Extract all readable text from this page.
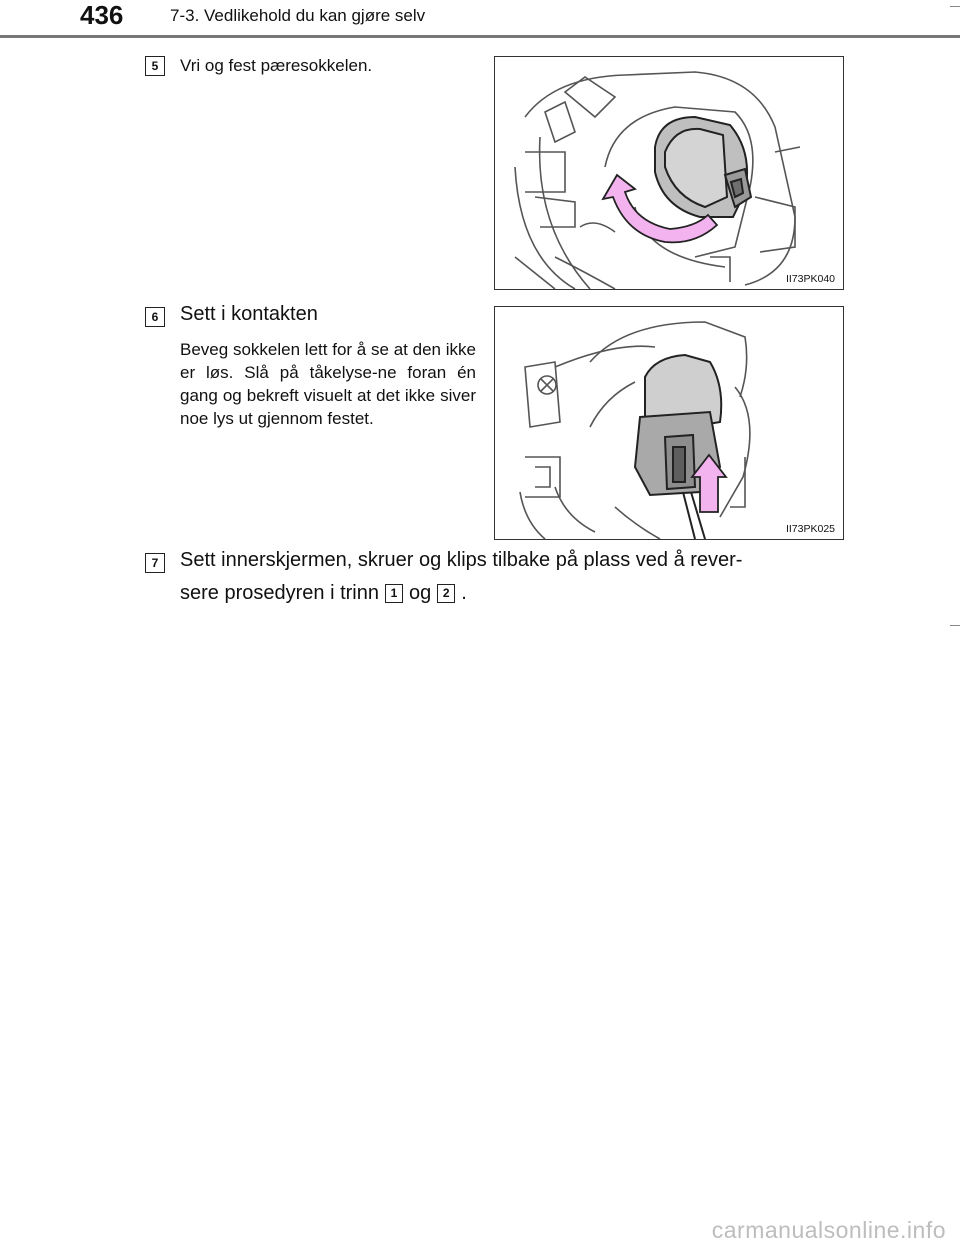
436	7-3. Vedlikehold du kan gjøre selv
5	Vri og fest pæresokkelen.
II73PK040
6	Sett i kontakten
Beveg sokkelen lett for å se at den ikke er løs. Slå på tåkelyse-ne foran én gang og bekreft visuelt at det ikke siver noe lys ut gjennom festet.
II73PK025
7	Sett innerskjermen, skruer og klips tilbake på plass ved å rever-
sere prosedyren i trinn 1 og 2 .
carmanualsonline.info
